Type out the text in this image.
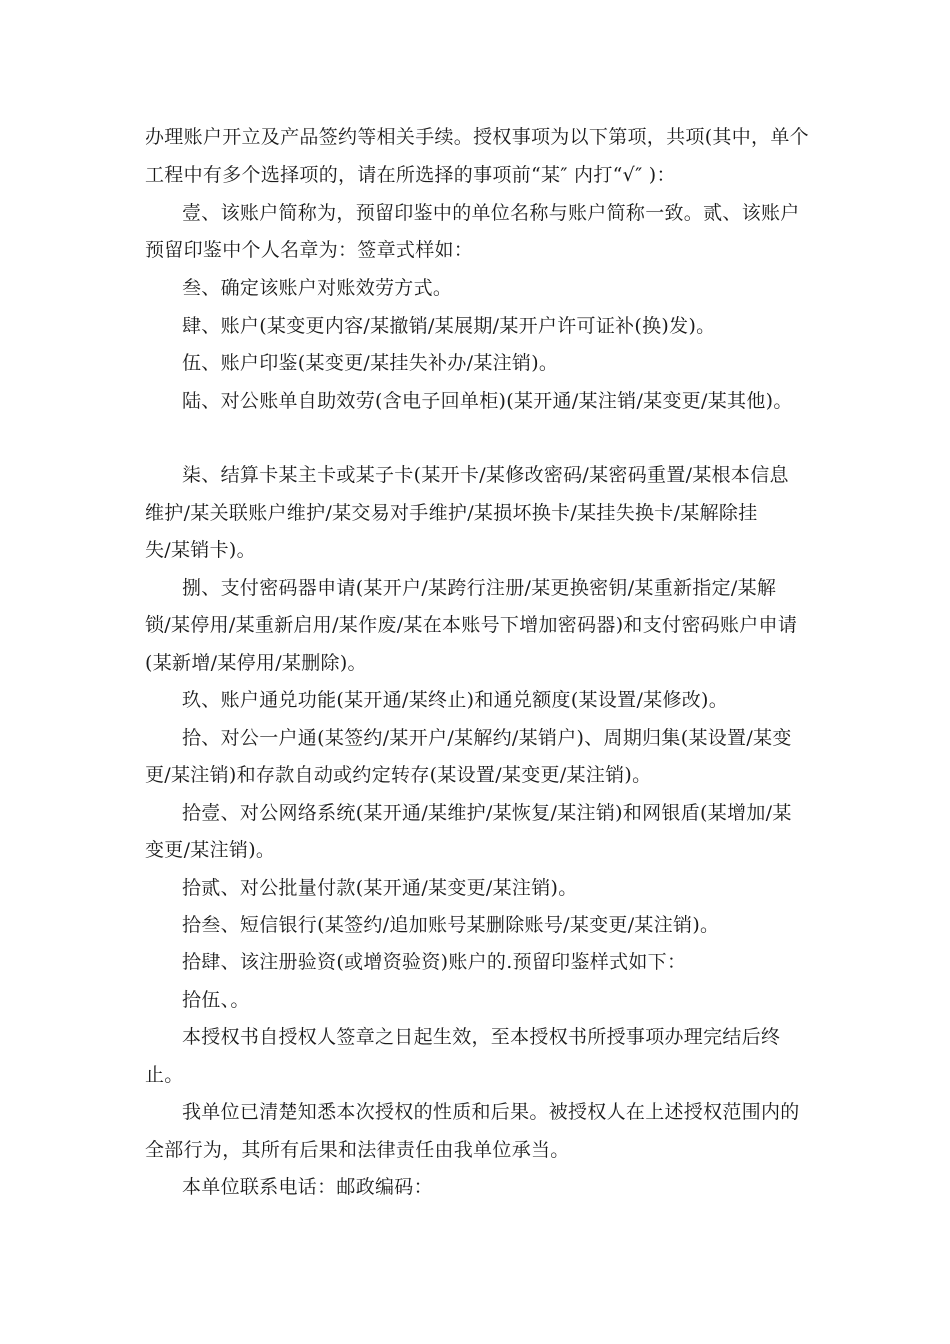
办理账户开立及产品签约等相关手续。授权事项为以下第项，共项(其中，单个
工程中有多个选择项的，请在所选择的事项前“某″ 内打“√″ )：
壹、该账户简称为，预留印鉴中的单位名称与账户简称一致。贰、该账户
预留印鉴中个人名章为：签章式样如：
叁、确定该账户对账效劳方式。
肆、账户(某变更内容/某撤销/某展期/某开户许可证补(换)发)。
伍、账户印鉴(某变更/某挂失补办/某注销)。
陆、对公账单自助效劳(含电子回单柜)(某开通/某注销/某变更/某其他)。
柒、结算卡某主卡或某子卡(某开卡/某修改密码/某密码重置/某根本信息
维护/某关联账户维护/某交易对手维护/某损坏换卡/某挂失换卡/某解除挂
失/某销卡)。
捌、支付密码器申请(某开户/某跨行注册/某更换密钥/某重新指定/某解
锁/某停用/某重新启用/某作废/某在本账号下增加密码器)和支付密码账户申请
(某新增/某停用/某删除)。
玖、账户通兑功能(某开通/某终止)和通兑额度(某设置/某修改)。
拾、对公一户通(某签约/某开户/某解约/某销户)、周期归集(某设置/某变
更/某注销)和存款自动或约定转存(某设置/某变更/某注销)。
拾壹、对公网络系统(某开通/某维护/某恢复/某注销)和网银盾(某增加/某
变更/某注销)。
拾贰、对公批量付款(某开通/某变更/某注销)。
拾叁、短信银行(某签约/追加账号某删除账号/某变更/某注销)。
拾肆、该注册验资(或增资验资)账户的.预留印鉴样式如下：
拾伍、。
本授权书自授权人签章之日起生效，至本授权书所授事项办理完结后终
止。
我单位已清楚知悉本次授权的性质和后果。被授权人在上述授权范围内的
全部行为，其所有后果和法律责任由我单位承当。
本单位联系电话：邮政编码：
